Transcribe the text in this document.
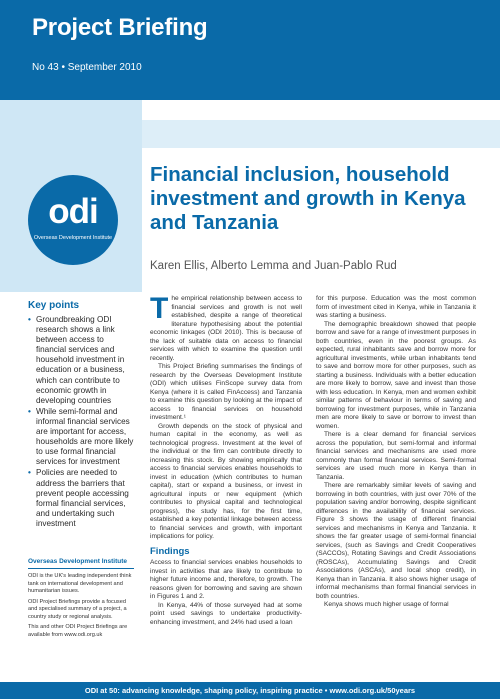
Project Briefing
No 43 • September 2010
odi
Overseas Development Institute
Financial inclusion, household investment and growth in Kenya and Tanzania
Karen Ellis, Alberto Lemma and Juan-Pablo Rud
Key points
• Groundbreaking ODI research shows a link between access to financial services and household investment in education or a business, which can contribute to economic growth in developing countries
• While semi-formal and informal financial services are important for access, households are more likely to use formal financial services for investment
• Policies are needed to address the barriers that prevent people accessing formal financial services, and undertaking such investment
Overseas Development Institute

ODI is the UK's leading independent think tank on international development and humanitarian issues.

ODI Project Briefings provide a focused and specialised summary of a project, a country study or regional analysis.

This and other ODI Project Briefings are available from www.odi.org.uk

The empirical relationship between access to financial services and growth is not well established, despite a range of theoretical literature hypothesising about the potential economic linkages (ODI 2010). This is because of the lack of suitable data on access to financial services with which to examine the question until recently.

This Project Briefing summarises the findings of research by the Overseas Development Institute (ODI) which utilises FinScope survey data from Kenya (where it is called FinAccess) and Tanzania to examine this question by looking at the impact of access to financial services on household investment.¹

Growth depends on the stock of physical and human capital in the economy, as well as technological progress. Investment at the level of the individual or the firm can contribute directly to increasing this stock. By showing empirically that access to financial services enables households to invest in education (which contributes to human capital), start or expand a business, or invest in agricultural inputs or new equipment (which contributes to physical capital and technological progress), the study has, for the first time, established a key potential linkage between access to financial services and growth, with important implications for policy.

Findings

Access to financial services enables households to invest in activities that are likely to contribute to higher future income and, therefore, to growth. The reasons given for borrowing and saving are shown in Figures 1 and 2.

In Kenya, 44% of those surveyed had at some point used savings to undertake productivity-enhancing investment, and 24% had used a loan

for this purpose. Education was the most common form of investment cited in Kenya, while in Tanzania it was starting a business.

The demographic breakdown showed that people borrow and save for a range of investment purposes in both countries, even in the poorest groups. As expected, rural inhabitants save and borrow more for agricultural investments, while urban inhabitants tend to save and borrow more for other purposes, such as starting a business. Individuals with a better education are more likely to borrow, save and invest than those with less education. In Kenya, men and women exhibit similar patterns of behaviour in terms of saving and borrowing for investment purposes, while in Tanzania men are more likely to save or borrow to invest than women.

There is a clear demand for financial services across the population, but semi-formal and informal financial services and mechanisms are used more commonly than formal financial services. Semi-formal services are used much more in Kenya than in Tanzania.

There are remarkably similar levels of saving and borrowing in both countries, with just over 70% of the population saving and/or borrowing, despite significant differences in the availability of financial services. Figure 3 shows the usage of different financial services and mechanisms in Kenya and Tanzania. It shows the far greater usage of semi-formal financial services, (such as Savings and Credit Cooperatives (SACCOs), Rotating Savings and Credit Associations (ROSCAs), Accumulating Savings and Credit Associations (ASCAs), and local shop credit), in Kenya than in Tanzania. It also shows higher usage of informal mechanisms than formal financial services in both countries.

Kenya shows much higher usage of formal

ODI at 50: advancing knowledge, shaping policy, inspiring practice • www.odi.org.uk/50years
